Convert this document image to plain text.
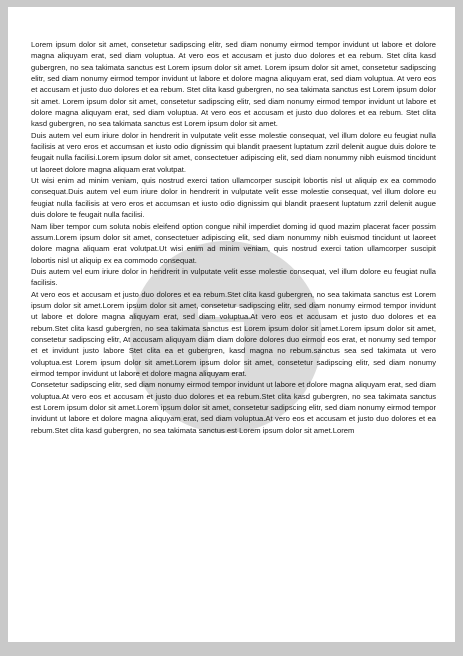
Lorem ipsum dolor sit amet, consetetur sadipscing elitr, sed diam nonumy eirmod tempor invidunt ut labore et dolore magna aliquyam erat, sed diam voluptua. At vero eos et accusam et justo duo dolores et ea rebum. Stet clita kasd gubergren, no sea takimata sanctus est Lorem ipsum dolor sit amet. Lorem ipsum dolor sit amet, consetetur sadipscing elitr, sed diam nonumy eirmod tempor invidunt ut labore et dolore magna aliquyam erat, sed diam voluptua. At vero eos et accusam et justo duo dolores et ea rebum. Stet clita kasd gubergren, no sea takimata sanctus est Lorem ipsum dolor sit amet. Lorem ipsum dolor sit amet, consetetur sadipscing elitr, sed diam nonumy eirmod tempor invidunt ut labore et dolore magna aliquyam erat, sed diam voluptua. At vero eos et accusam et justo duo dolores et ea rebum. Stet clita kasd gubergren, no sea takimata sanctus est Lorem ipsum dolor sit amet.

Duis autem vel eum iriure dolor in hendrerit in vulputate velit esse molestie consequat, vel illum dolore eu feugiat nulla facilisis at vero eros et accumsan et iusto odio dignissim qui blandit praesent luptatum zzril delenit augue duis dolore te feugait nulla facilisi.Lorem ipsum dolor sit amet, consectetuer adipiscing elit, sed diam nonummy nibh euismod tincidunt ut laoreet dolore magna aliquam erat volutpat.

Ut wisi enim ad minim veniam, quis nostrud exerci tation ullamcorper suscipit lobortis nisl ut aliquip ex ea commodo consequat.Duis autem vel eum iriure dolor in hendrerit in vulputate velit esse molestie consequat, vel illum dolore eu feugiat nulla facilisis at vero eros et accumsan et iusto odio dignissim qui blandit praesent luptatum zzril delenit augue duis dolore te feugait nulla facilisi.

Nam liber tempor cum soluta nobis eleifend option congue nihil imperdiet doming id quod mazim placerat facer possim assum.Lorem ipsum dolor sit amet, consectetuer adipiscing elit, sed diam nonummy nibh euismod tincidunt ut laoreet dolore magna aliquam erat volutpat.Ut wisi enim ad minim veniam, quis nostrud exerci tation ullamcorper suscipit lobortis nisl ut aliquip ex ea commodo consequat.

Duis autem vel eum iriure dolor in hendrerit in vulputate velit esse molestie consequat, vel illum dolore eu feugiat nulla facilisis.

At vero eos et accusam et justo duo dolores et ea rebum.Stet clita kasd gubergren, no sea takimata sanctus est Lorem ipsum dolor sit amet.Lorem ipsum dolor sit amet, consetetur sadipscing elitr, sed diam nonumy eirmod tempor invidunt ut labore et dolore magna aliquyam erat, sed diam voluptua.At vero eos et accusam et justo duo dolores et ea rebum.Stet clita kasd gubergren, no sea takimata sanctus est Lorem ipsum dolor sit amet.Lorem ipsum dolor sit amet, consetetur sadipscing elitr, At accusam aliquyam diam diam dolore dolores duo eirmod eos erat, et nonumy sed tempor et et invidunt justo labore Stet clita ea et gubergren, kasd magna no rebum.sanctus sea sed takimata ut vero voluptua.est Lorem ipsum dolor sit amet.Lorem ipsum dolor sit amet, consetetur sadipscing elitr, sed diam nonumy eirmod tempor invidunt ut labore et dolore magna aliquyam erat.

Consetetur sadipscing elitr, sed diam nonumy eirmod tempor invidunt ut labore et dolore magna aliquyam erat, sed diam voluptua.At vero eos et accusam et justo duo dolores et ea rebum.Stet clita kasd gubergren, no sea takimata sanctus est Lorem ipsum dolor sit amet.Lorem ipsum dolor sit amet, consetetur sadipscing elitr, sed diam nonumy eirmod tempor invidunt ut labore et dolore magna aliquyam erat, sed diam voluptua.At vero eos et accusam et justo duo dolores et ea rebum.Stet clita kasd gubergren, no sea takimata sanctus est Lorem ipsum dolor sit amet.Lorem
